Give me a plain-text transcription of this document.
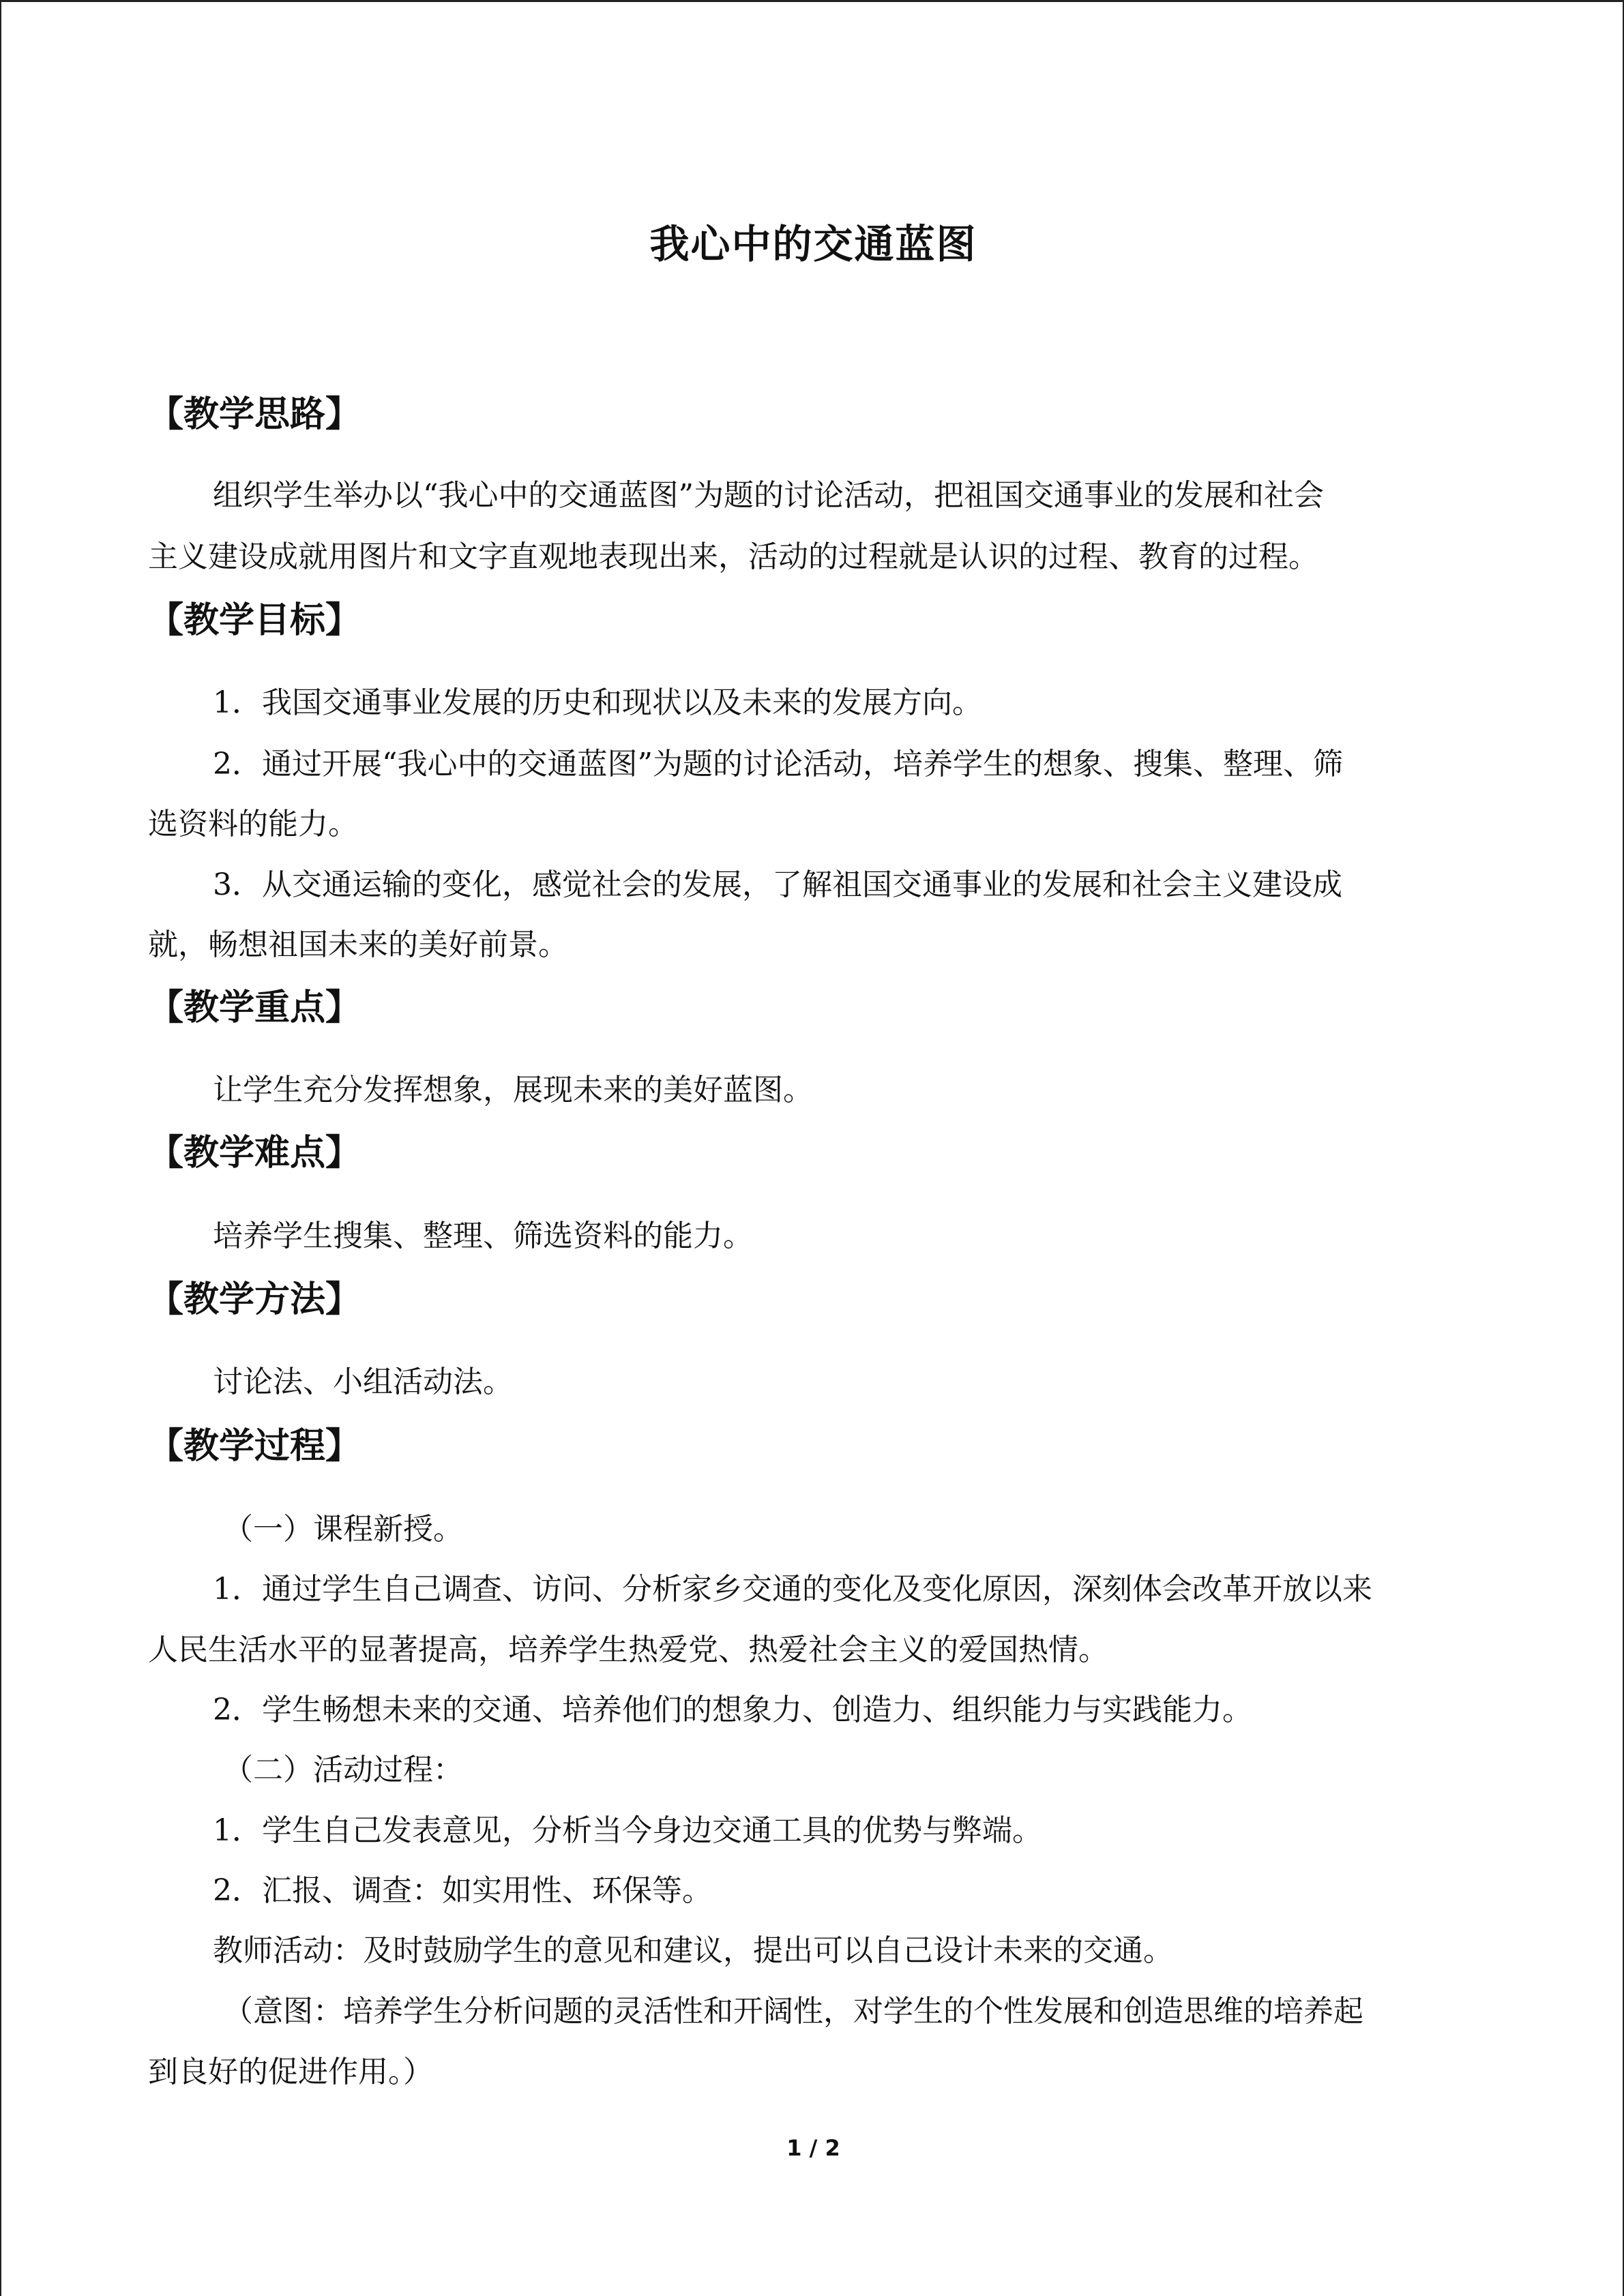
我心中的交通蓝图
【教学思路】
组织学生举办以“我心中的交通蓝图”为题的讨论活动，把祖国交通事业的发展和社会
主义建设成就用图片和文字直观地表现出来，活动的过程就是认识的过程、教育的过程。
【教学目标】
1．我国交通事业发展的历史和现状以及未来的发展方向。
2．通过开展“我心中的交通蓝图”为题的讨论活动，培养学生的想象、搜集、整理、筛
选资料的能力。
3．从交通运输的变化，感觉社会的发展，了解祖国交通事业的发展和社会主义建设成
就，畅想祖国未来的美好前景。
【教学重点】
让学生充分发挥想象，展现未来的美好蓝图。
【教学难点】
培养学生搜集、整理、筛选资料的能力。
【教学方法】
讨论法、小组活动法。
【教学过程】
（一）课程新授。
1．通过学生自己调查、访问、分析家乡交通的变化及变化原因，深刻体会改革开放以来
人民生活水平的显著提高，培养学生热爱党、热爱社会主义的爱国热情。
2．学生畅想未来的交通、培养他们的想象力、创造力、组织能力与实践能力。
（二）活动过程：
1．学生自己发表意见，分析当今身边交通工具的优势与弊端。
2．汇报、调查：如实用性、环保等。
教师活动：及时鼓励学生的意见和建议，提出可以自己设计未来的交通。
（意图：培养学生分析问题的灵活性和开阔性，对学生的个性发展和创造思维的培养起
到良好的促进作用。）
1 / 2
